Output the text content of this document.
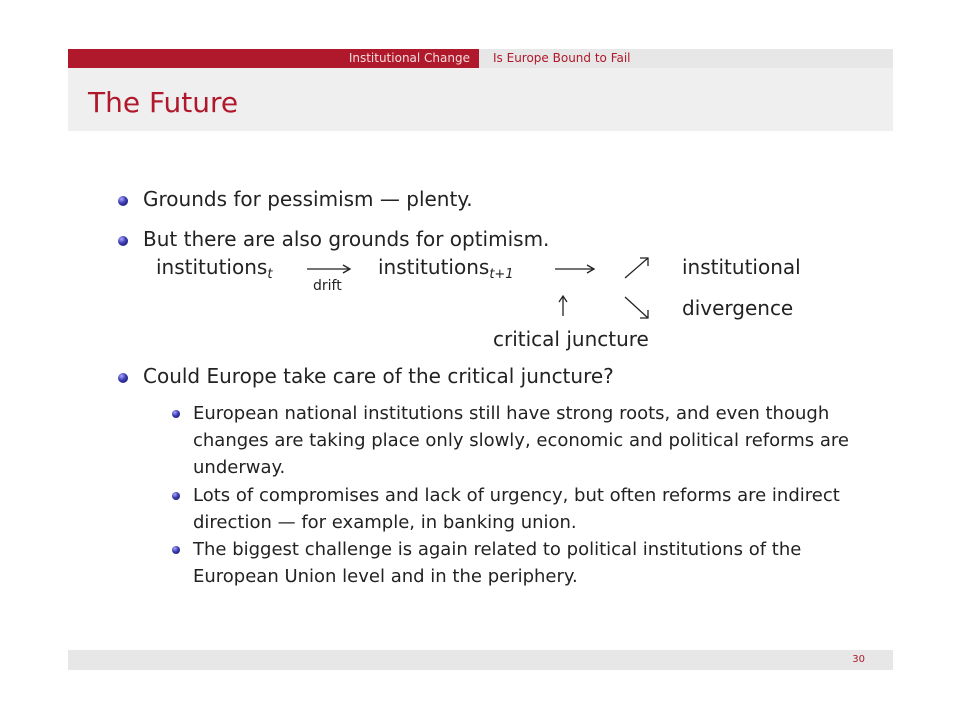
Institutional Change	Is Europe Bound to Fail
The Future
Grounds for pessimism — plenty.
But there are also grounds for optimism.
institutions$_t$
drift
institutions$_{t+1}$	institutional
divergence
critical juncture
Could Europe take care of the critical juncture?
European national institutions still have strong roots, and even though
changes are taking place only slowly, economic and political reforms are
underway.
Lots of compromises and lack of urgency, but often reforms are indirect
direction — for example, in banking union.
The biggest challenge is again related to political institutions of the
European Union level and in the periphery.
30
